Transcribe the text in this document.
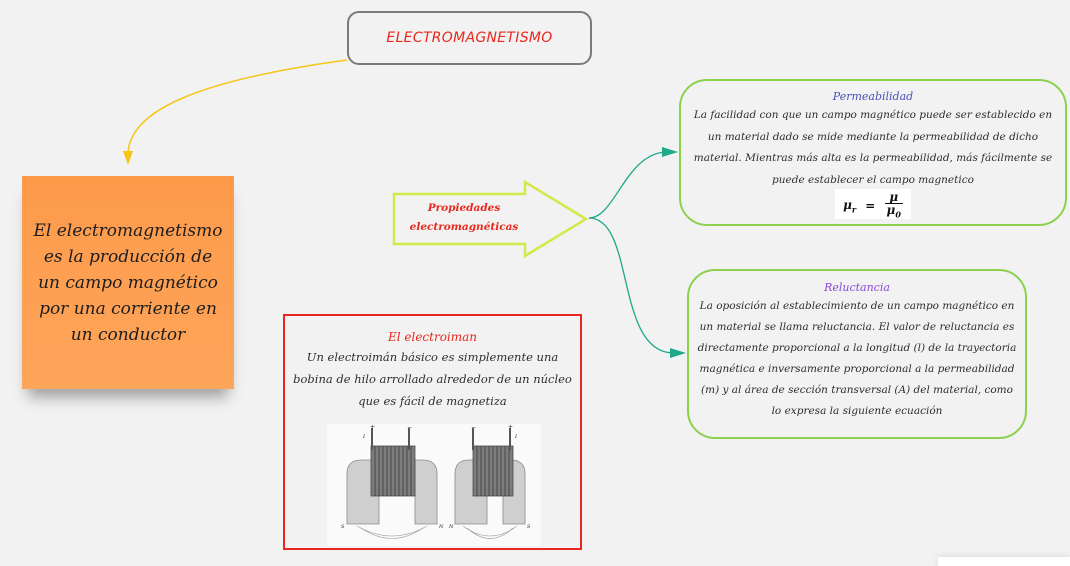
ELECTROMAGNETISMO
El electromagnetismo es la producción de un campo magnético por una corriente en un conductor
Propiedades
electromagnéticas
Permeabilidad
La facilidad con que un campo magnético puede ser establecido en un material dado se mide mediante la permeabilidad de dicho material. Mientras más alta es la permeabilidad, más fácilmente se puede establecer el campo magnetico
$\mu_r = \frac{\mu}{\mu_0}$
Reluctancia
La oposición al establecimiento de un campo magnético en un material se llama reluctancia. El valor de reluctancia es directamente proporcional a la longitud (l) de la trayectoria magnética e inversamente proporcional a la permeabilidad (m) y al área de sección transversal (A) del material, como lo expresa la siguiente ecuación
El electroiman
Un electroimán básico es simplemente una bobina de hilo arrollado alrededor de un núcleo que es fácil de magnetiza
+	−
I
S	N
−	+
I
N	S
